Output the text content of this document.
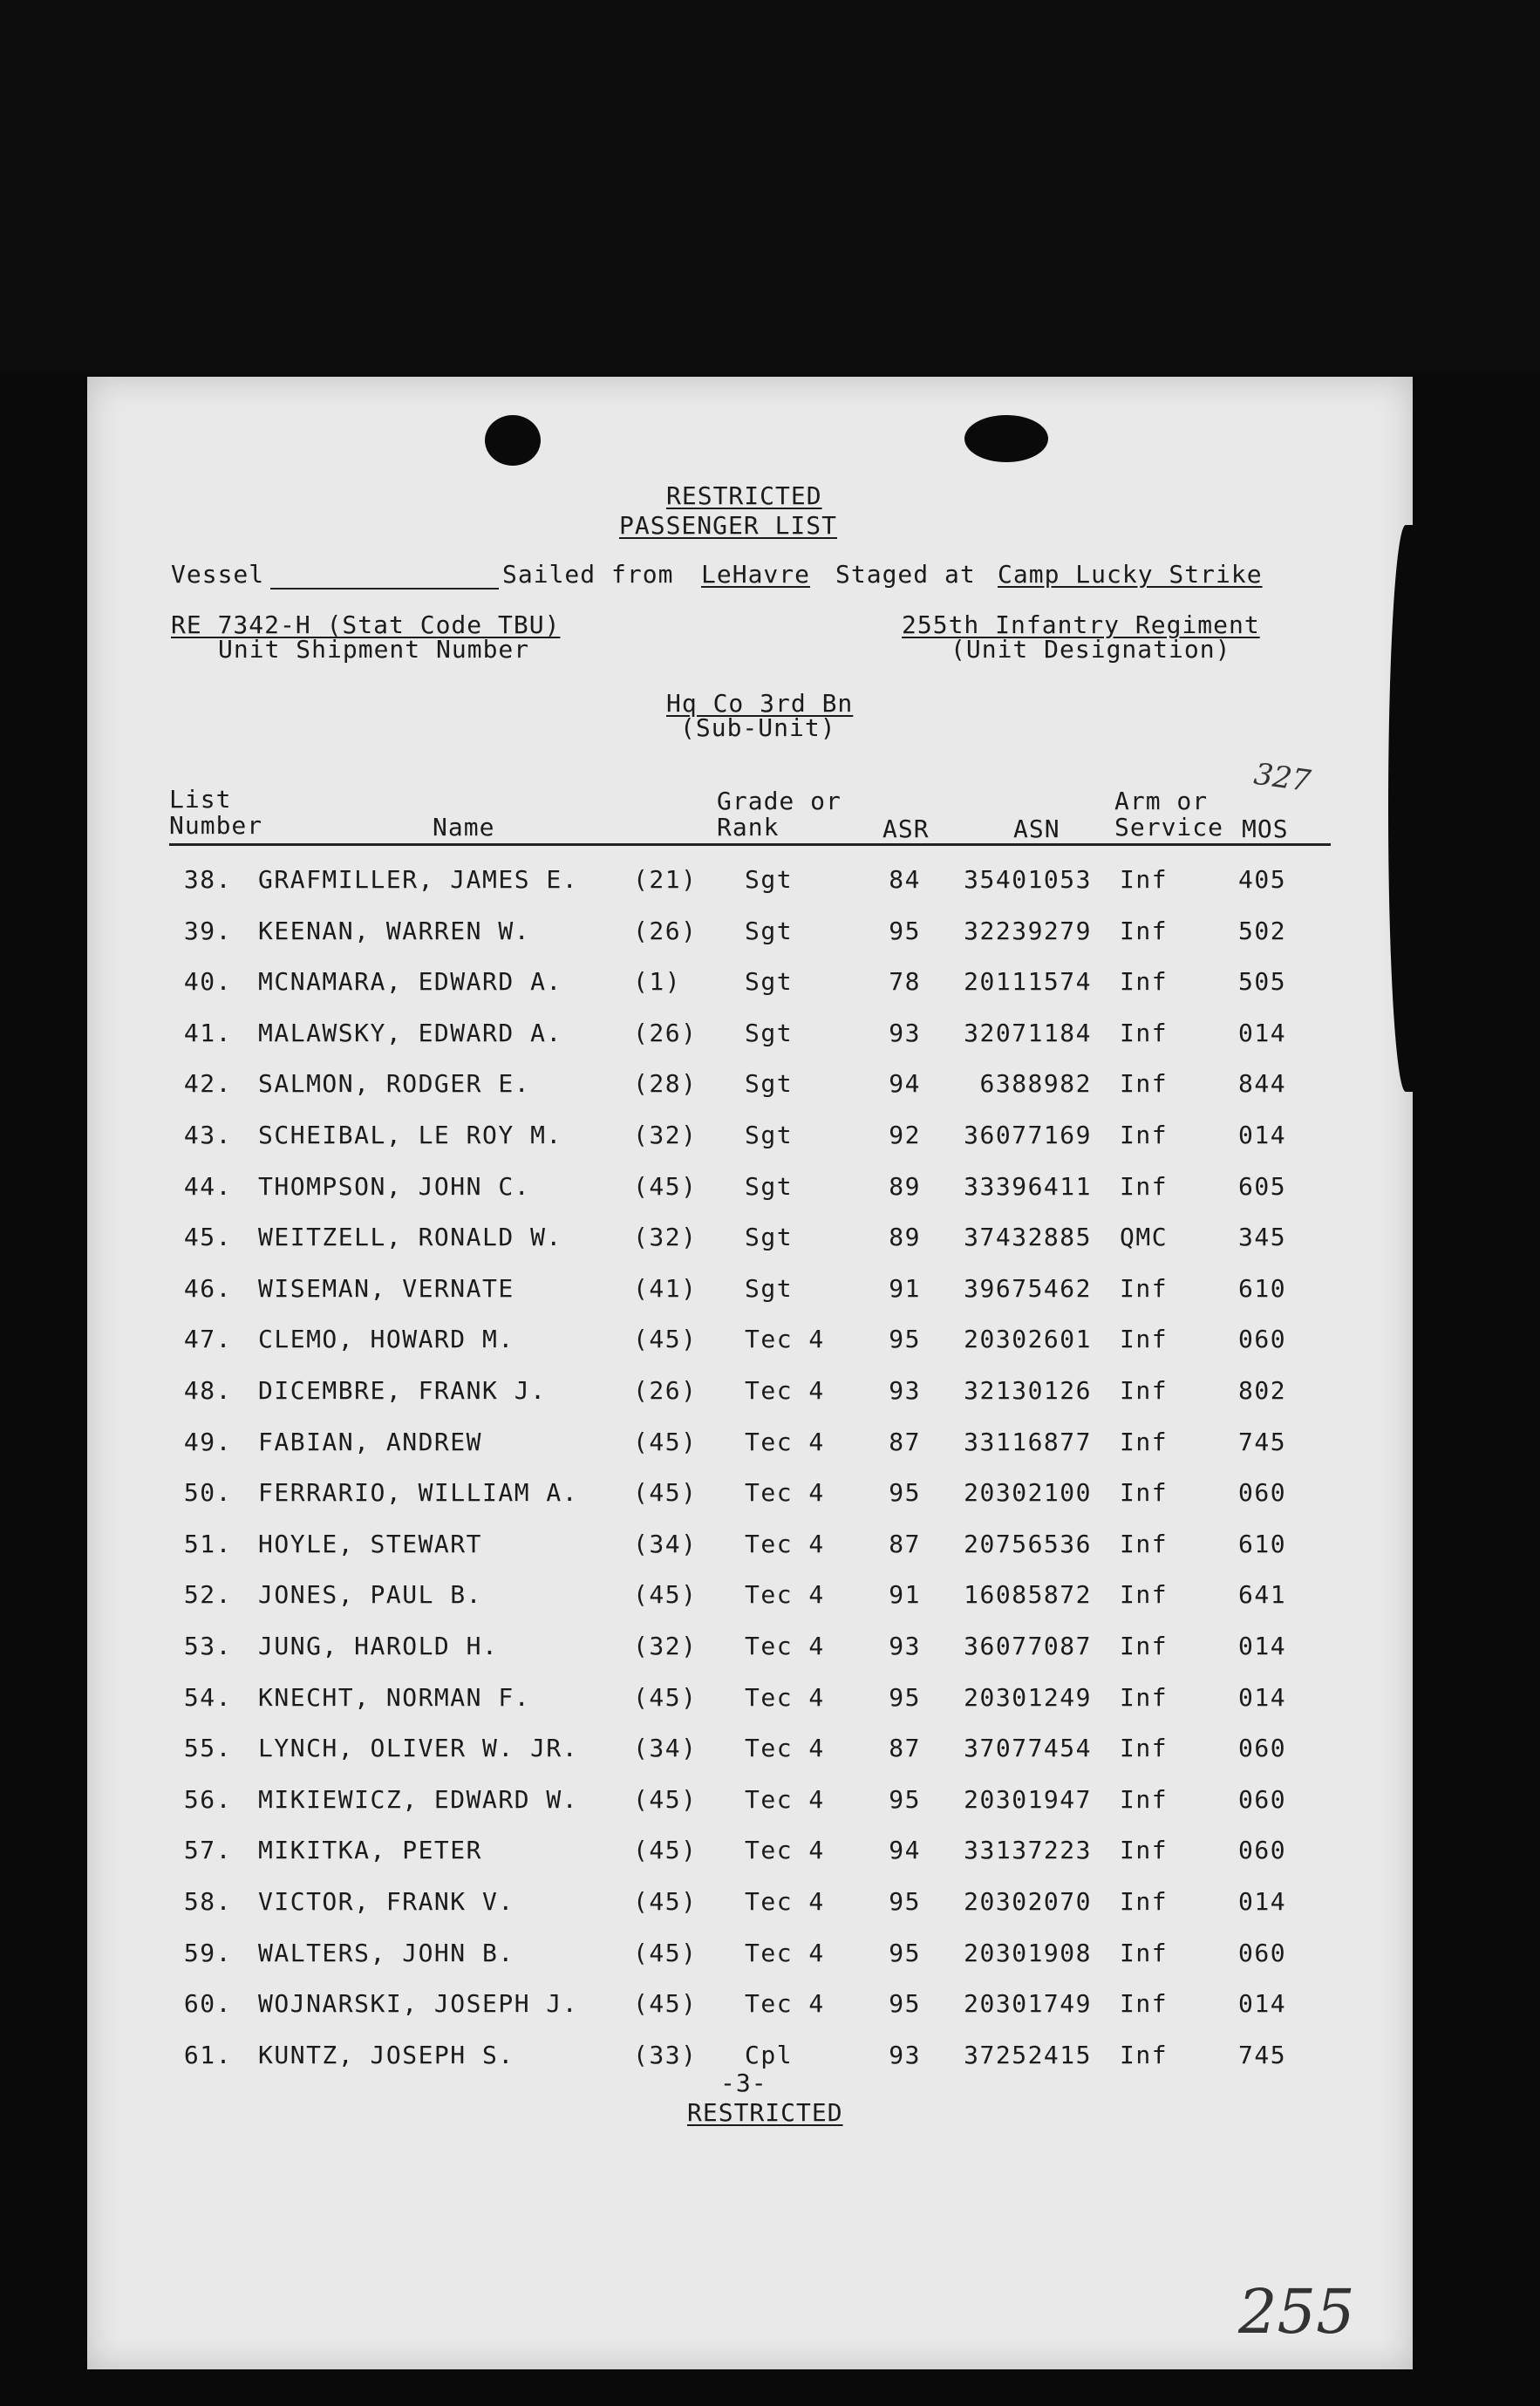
RESTRICTED
PASSENGER LIST
Vessel	Sailed from LeHavre Staged at Camp Lucky Strike
RE 7342-H (Stat Code TBU)
Unit Shipment Number
255th Infantry Regiment
(Unit Designation)
Hq Co 3rd Bn
(Sub-Unit)
327
List
Number	Name
Grade or
Rank	ASR	ASN
Arm or
Service MOS
38. GRAFMILLER, JAMES E.	(21)	Sgt	84	35401053 Inf	405
39. KEENAN, WARREN W.	(26)	Sgt	95	32239279 Inf	502
40. MCNAMARA, EDWARD A.	(1)	Sgt	78	20111574 Inf	505
41. MALAWSKY, EDWARD A.	(26)	Sgt	93	32071184 Inf	014
42. SALMON, RODGER E.	(28)	Sgt	94	6388982 Inf	844
43. SCHEIBAL, LE ROY M.	(32)	Sgt	92	36077169 Inf	014
44. THOMPSON, JOHN C.	(45)	Sgt	89	33396411 Inf	605
45. WEITZELL, RONALD W.	(32)	Sgt	89	37432885 QMC	345
46. WISEMAN, VERNATE	(41)	Sgt	91	39675462 Inf	610
47. CLEMO, HOWARD M.	(45)	Tec 4	95	20302601 Inf	060
48. DICEMBRE, FRANK J.	(26)	Tec 4	93	32130126 Inf	802
49. FABIAN, ANDREW	(45)	Tec 4	87	33116877 Inf	745
50. FERRARIO, WILLIAM A.	(45)	Tec 4	95	20302100 Inf	060
51. HOYLE, STEWART	(34)	Tec 4	87	20756536 Inf	610
52. JONES, PAUL B.	(45)	Tec 4	91	16085872 Inf	641
53. JUNG, HAROLD H.	(32)	Tec 4	93	36077087 Inf	014
54. KNECHT, NORMAN F.	(45)	Tec 4	95	20301249 Inf	014
55. LYNCH, OLIVER W. JR.	(34)	Tec 4	87	37077454 Inf	060
56. MIKIEWICZ, EDWARD W.	(45)	Tec 4	95	20301947 Inf	060
57. MIKITKA, PETER	(45)	Tec 4	94	33137223 Inf	060
58. VICTOR, FRANK V.	(45)	Tec 4	95	20302070 Inf	014
59. WALTERS, JOHN B.	(45)	Tec 4	95	20301908 Inf	060
60. WOJNARSKI, JOSEPH J.	(45)	Tec 4	95	20301749 Inf	014
61. KUNTZ, JOSEPH S.	(33)	Cpl	93	37252415 Inf	745
-3-
RESTRICTED
255
